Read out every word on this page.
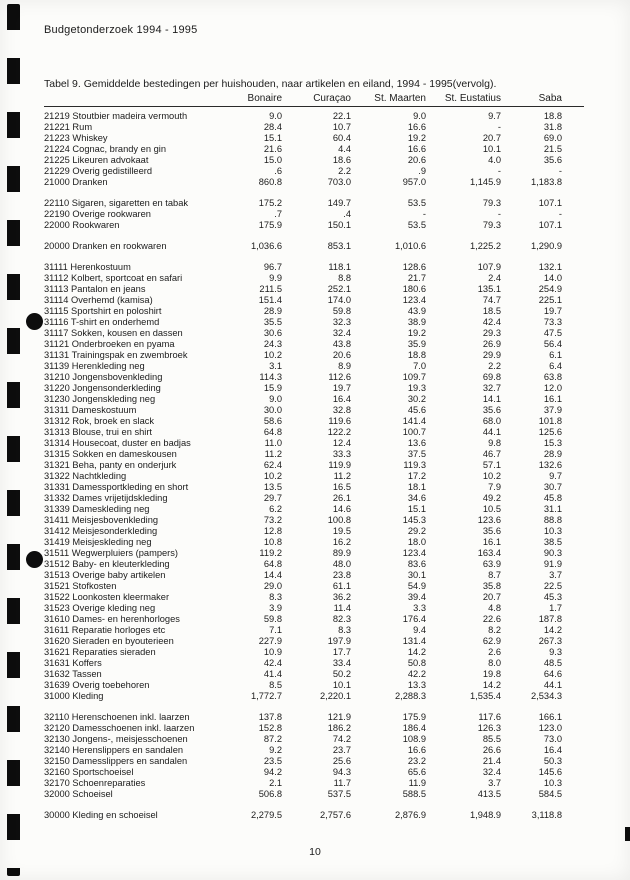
Budgetonderzoek 1994 - 1995
Tabel 9. Gemiddelde bestedingen per huishouden, naar artikelen en eiland, 1994 - 1995(vervolg).
Bonaire	Curaçao	St. Maarten	St. Eustatius	Saba
21219 Stoutbier madeira vermouth	9.0	22.1	9.0	9.7	18.8
21221 Rum	28.4	10.7	16.6	-	31.8
21223 Whiskey	15.1	60.4	19.2	20.7	69.0
21224 Cognac, brandy en gin	21.6	4.4	16.6	10.1	21.5
21225 Likeuren advokaat	15.0	18.6	20.6	4.0	35.6
21229 Overig gedistilleerd	.6	2.2	.9	-	-
21000 Dranken	860.8	703.0	957.0	1,145.9	1,183.8
22110 Sigaren, sigaretten en tabak	175.2	149.7	53.5	79.3	107.1
22190 Overige rookwaren	.7	.4	-	-	-
22000 Rookwaren	175.9	150.1	53.5	79.3	107.1
20000 Dranken en rookwaren	1,036.6	853.1	1,010.6	1,225.2	1,290.9
31111 Herenkostuum	96.7	118.1	128.6	107.9	132.1
31112 Kolbert, sportcoat en safari	9.9	8.8	21.7	2.4	14.0
31113 Pantalon en jeans	211.5	252.1	180.6	135.1	254.9
31114 Overhemd (kamisa)	151.4	174.0	123.4	74.7	225.1
31115 Sportshirt en poloshirt	28.9	59.8	43.9	18.5	19.7
31116 T-shirt en onderhemd	35.5	32.3	38.9	42.4	73.3
31117 Sokken, kousen en dassen	30.6	32.4	19.2	29.3	47.5
31121 Onderbroeken en pyama	24.3	43.8	35.9	26.9	56.4
31131 Trainingspak en zwembroek	10.2	20.6	18.8	29.9	6.1
31139 Herenkleding neg	3.1	8.9	7.0	2.2	6.4
31210 Jongensbovenkleding	114.3	112.6	109.7	69.8	63.8
31220 Jongensonderkleding	15.9	19.7	19.3	32.7	12.0
31230 Jongenskleding neg	9.0	16.4	30.2	14.1	16.1
31311 Dameskostuum	30.0	32.8	45.6	35.6	37.9
31312 Rok, broek en slack	58.6	119.6	141.4	68.0	101.8
31313 Blouse, trui en shirt	64.8	122.2	100.7	44.1	125.6
31314 Housecoat, duster en badjas	11.0	12.4	13.6	9.8	15.3
31315 Sokken en dameskousen	11.2	33.3	37.5	46.7	28.9
31321 Beha, panty en onderjurk	62.4	119.9	119.3	57.1	132.6
31322 Nachtkleding	10.2	11.2	17.2	10.2	9.7
31331 Damessportkleding en short	13.5	16.5	18.1	7.9	30.7
31332 Dames vrijetijdskleding	29.7	26.1	34.6	49.2	45.8
31339 Dameskleding neg	6.2	14.6	15.1	10.5	31.1
31411 Meisjesbovenkleding	73.2	100.8	145.3	123.6	88.8
31412 Meisjesonderkleding	12.8	19.5	29.2	35.6	10.3
31419 Meisjeskleding neg	10.8	16.2	18.0	16.1	38.5
31511 Wegwerpluiers (pampers)	119.2	89.9	123.4	163.4	90.3
31512 Baby- en kleuterkleding	64.8	48.0	83.6	63.9	91.9
31513 Overige baby artikelen	14.4	23.8	30.1	8.7	3.7
31521 Stofkosten	29.0	61.1	54.9	35.8	22.5
31522 Loonkosten kleermaker	8.3	36.2	39.4	20.7	45.3
31523 Overige kleding neg	3.9	11.4	3.3	4.8	1.7
31610 Dames- en herenhorloges	59.8	82.3	176.4	22.6	187.8
31611 Reparatie horloges etc	7.1	8.3	9.4	8.2	14.2
31620 Sieraden en byouterieen	227.9	197.9	131.4	62.9	267.3
31621 Reparaties sieraden	10.9	17.7	14.2	2.6	9.3
31631 Koffers	42.4	33.4	50.8	8.0	48.5
31632 Tassen	41.4	50.2	42.2	19.8	64.6
31639 Overig toebehoren	8.5	10.1	13.3	14.2	44.1
31000 Kleding	1,772.7	2,220.1	2,288.3	1,535.4	2,534.3
32110 Herenschoenen inkl. laarzen	137.8	121.9	175.9	117.6	166.1
32120 Damesschoenen inkl. laarzen	152.8	186.2	186.4	126.3	123.0
32130 Jongens-, meisjesschoenen	87.2	74.2	108.9	85.5	73.0
32140 Herenslippers en sandalen	9.2	23.7	16.6	26.6	16.4
32150 Damesslippers en sandalen	23.5	25.6	23.2	21.4	50.3
32160 Sportschoeisel	94.2	94.3	65.6	32.4	145.6
32170 Schoenreparaties	2.1	11.7	11.9	3.7	10.3
32000 Schoeisel	506.8	537.5	588.5	413.5	584.5
30000 Kleding en schoeisel	2,279.5	2,757.6	2,876.9	1,948.9	3,118.8
10
